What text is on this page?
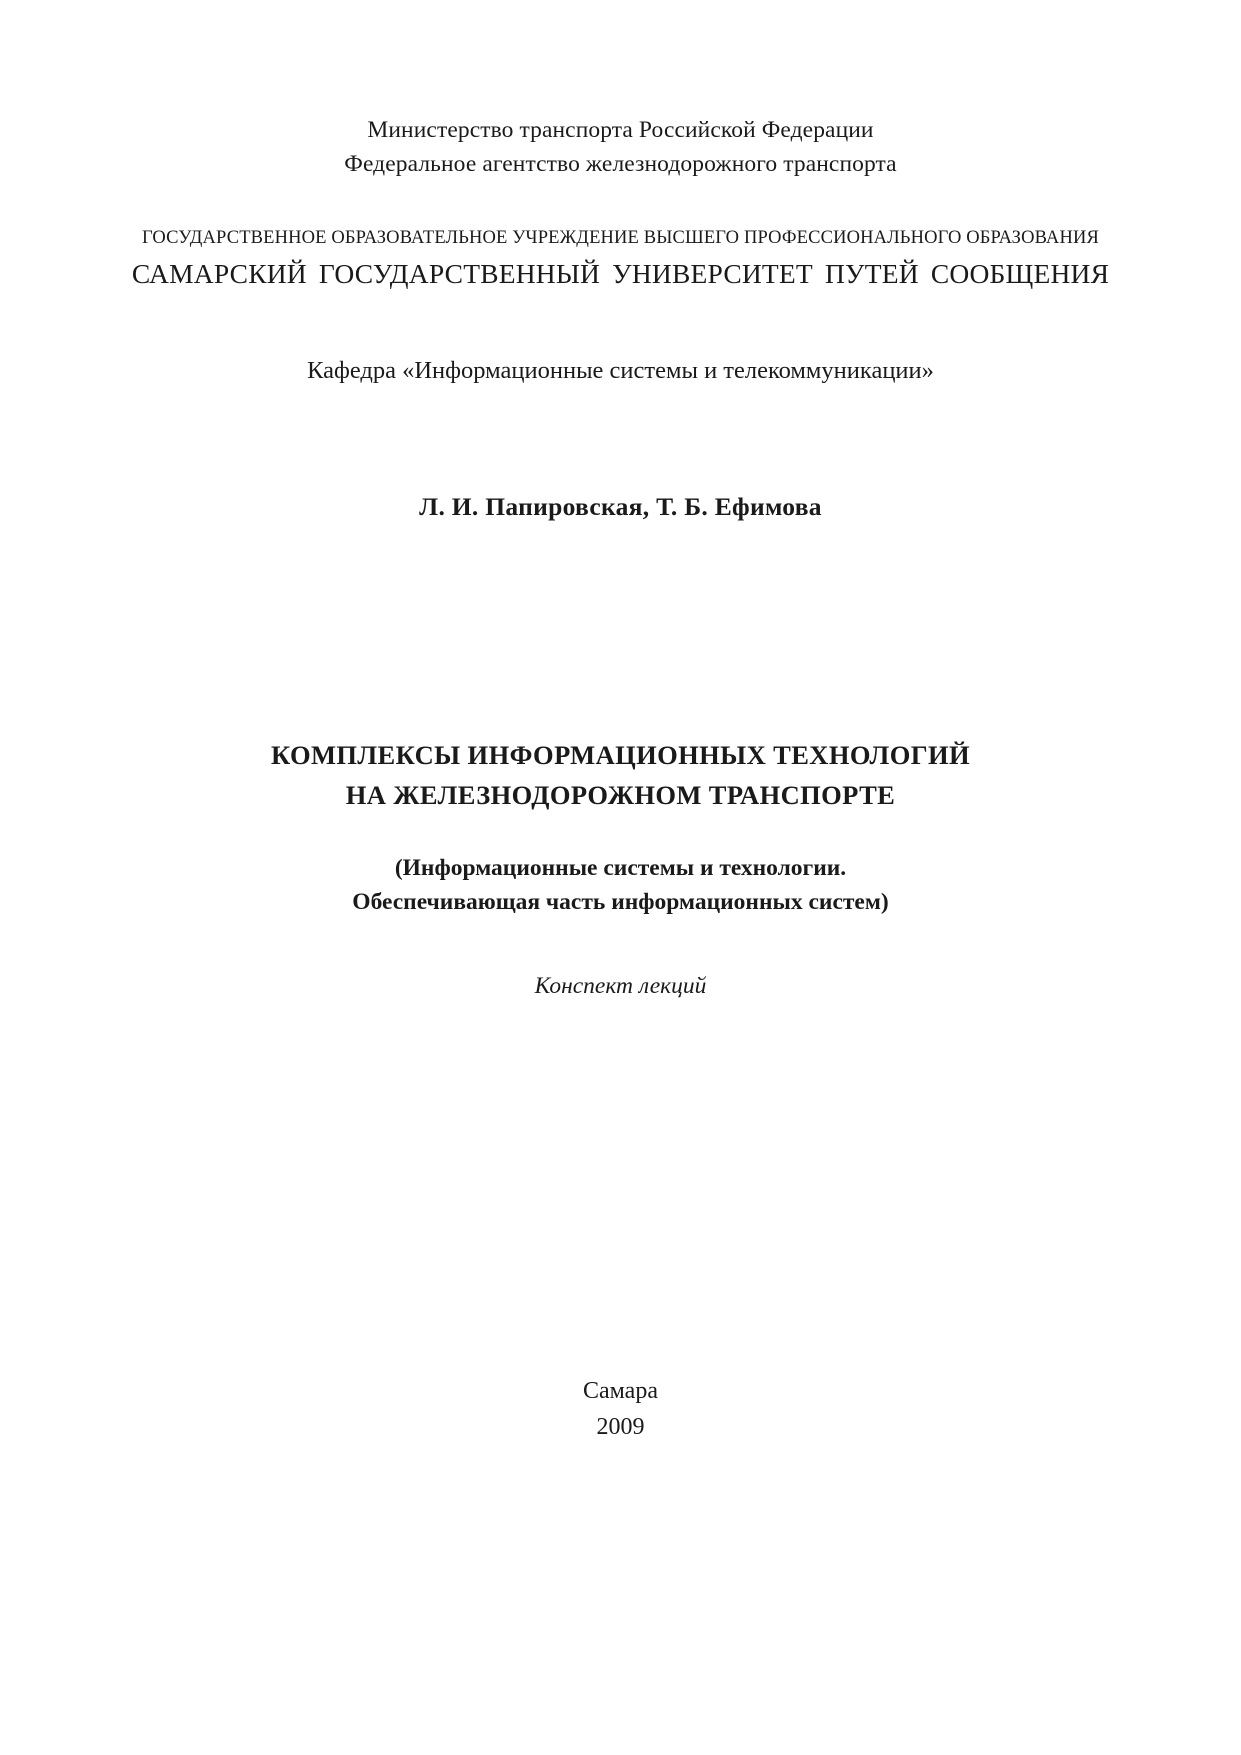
Министерство транспорта Российской Федерации
Федеральное агентство железнодорожного транспорта
ГОСУДАРСТВЕННОЕ ОБРАЗОВАТЕЛЬНОЕ УЧРЕЖДЕНИЕ ВЫСШЕГО ПРОФЕССИОНАЛЬНОГО ОБРАЗОВАНИЯ
САМАРСКИЙ ГОСУДАРСТВЕННЫЙ УНИВЕРСИТЕТ ПУТЕЙ СООБЩЕНИЯ
Кафедра «Информационные системы и телекоммуникации»
Л. И. Папировская, Т. Б. Ефимова
КОМПЛЕКСЫ ИНФОРМАЦИОННЫХ ТЕХНОЛОГИЙ
НА ЖЕЛЕЗНОДОРОЖНОМ ТРАНСПОРТЕ
(Информационные системы и технологии.
Обеспечивающая часть информационных систем)
Конспект лекций
Самара
2009
